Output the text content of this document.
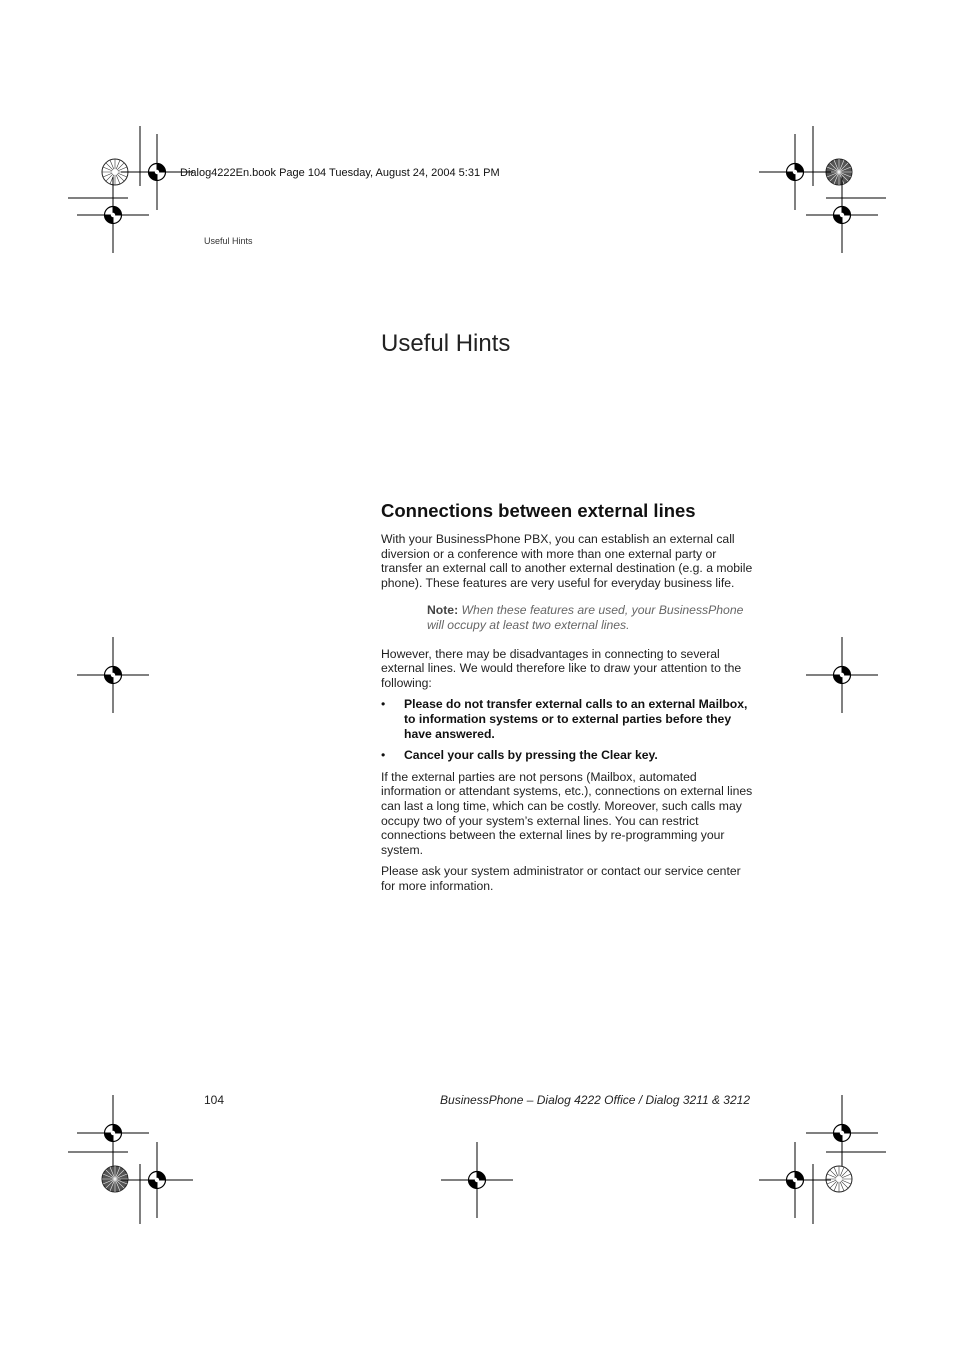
Dialog4222En.book Page 104 Tuesday, August 24, 2004 5:31 PM
Useful Hints
Useful Hints
Connections between external lines

With your BusinessPhone PBX, you can establish an external call diversion or a conference with more than one external party or transfer an external call to another external destination (e.g. a mobile phone). These features are very useful for everyday business life.

Note: When these features are used, your BusinessPhone will occupy at least two external lines.

However, there may be disadvantages in connecting to several external lines. We would therefore like to draw your attention to the following:

• Please do not transfer external calls to an external Mailbox, to information systems or to external parties before they have answered.
• Cancel your calls by pressing the Clear key.

If the external parties are not persons (Mailbox, automated information or attendant systems, etc.), connections on external lines can last a long time, which can be costly. Moreover, such calls may occupy two of your system’s external lines. You can restrict connections between the external lines by re-programming your system.

Please ask your system administrator or contact our service center for more information.

104	BusinessPhone – Dialog 4222 Office / Dialog 3211 & 3212
